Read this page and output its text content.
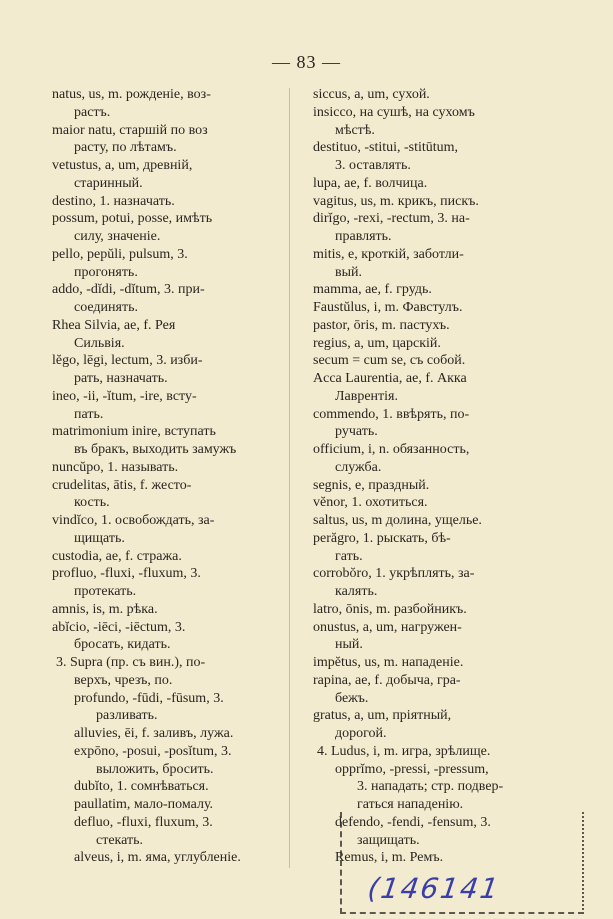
— 83 —
natus, us, m. рожденіе, воз-
растъ.
maior natu, старшій по воз
расту, по лѣтамъ.
vetustus, a, um, древній,
старинный.
destino, 1. назначать.
possum, potui, posse, имѣть
силу, значеніе.
pello, pepŭli, pulsum, 3.
прогонять.
addo, -dĭdi, -dĭtum, 3. при-
соединять.
Rhea Silvia, ae, f. Рея
Сильвія.
lĕgo, lēgi, lectum, 3. изби-
рать, назначать.
ineo, -ii, -ĭtum, -ire, всту-
пать.
matrimonium inire, вступать
въ бракъ, выходить замужъ
nuncŭpo, 1. называть.
crudelitas, ātis, f. жесто-
кость.
vindĭco, 1. освобождать, за-
щищать.
custodia, ae, f. стража.
profluo, -fluxi, -fluxum, 3.
протекать.
amnis, is, m. рѣка.
abĭcio, -iēci, -iēctum, 3.
бросать, кидать.
3. Supra (пр. съ вин.), по-
верхъ, чрезъ, по.
profundo, -fūdi, -fūsum, 3.
разливать.
alluvies, ēi, f. заливъ, лужа.
expōno, -posui, -posĭtum, 3.
выложить, бросить.
dubĭto, 1. сомнѣваться.
paullatim, мало-помалу.
defluo, -fluxi, fluxum, 3.
стекать.
alveus, i, m. яма, углубленіе.
siccus, a, um, сухой.
insicco, на сушѣ, на сухомъ
мѣстѣ.
destituo, -stitui, -stitūtum,
3. оставлять.
lupa, ae, f. волчица.
vagitus, us, m. крикъ, пискъ.
dirĭgo, -rexi, -rectum, 3. на-
правлять.
mitis, e, кроткій, заботли-
вый.
mamma, ae, f. грудь.
Faustŭlus, i, m. Фавстулъ.
pastor, ōris, m. пастухъ.
regius, a, um, царскій.
secum = cum se, съ собой.
Acca Laurentia, ae, f. Акка
Лаврентія.
commendo, 1. ввѣрять, по-
ручать.
officium, i, n. обязанность,
служба.
segnis, e, праздный.
vĕnor, 1. охотиться.
saltus, us, m долина, ущелье.
perăgro, 1. рыскать, бѣ-
гать.
corrobŏro, 1. укрѣплять, за-
калять.
latro, ōnis, m. разбойникъ.
onustus, a, um, нагружен-
ный.
impĕtus, us, m. нападеніе.
rapina, ae, f. добыча, гра-
бежъ.
gratus, a, um, пріятный,
дорогой.
4. Ludus, i, m. игра, зрѣлище.
opprĭmo, -pressi, -pressum,
3. нападать; стр. подвер-
гаться нападенію.
defendo, -fendi, -fensum, 3.
защищать.
Remus, i, m. Ремъ.
(146141
